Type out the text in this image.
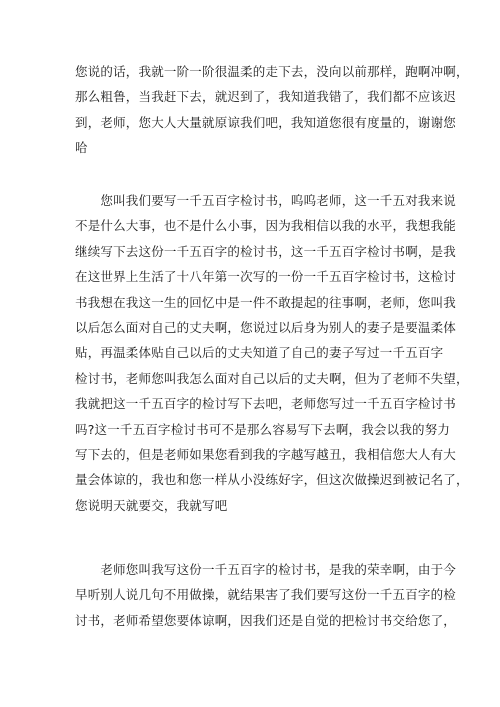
您说的话，我就一阶一阶很温柔的走下去，没向以前那样，跑啊冲啊，
那么粗鲁，当我赶下去，就迟到了，我知道我错了，我们都不应该迟
到，老师，您大人大量就原谅我们吧，我知道您很有度量的，谢谢您
哈
　　您叫我们要写一千五百字检讨书，呜呜老师，这一千五对我来说
不是什么大事，也不是什么小事，因为我相信以我的水平，我想我能
继续写下去这份一千五百字的检讨书，这一千五百字检讨书啊，是我
在这世界上生活了十八年第一次写的一份一千五百字检讨书，这检讨
书我想在我这一生的回忆中是一件不敢提起的往事啊，老师，您叫我
以后怎么面对自己的丈夫啊，您说过以后身为别人的妻子是要温柔体
贴，再温柔体贴自己以后的丈夫知道了自己的妻子写过一千五百字
检讨书，老师您叫我怎么面对自己以后的丈夫啊，但为了老师不失望，
我就把这一千五百字的检讨写下去吧，老师您写过一千五百字检讨书
吗?这一千五百字检讨书可不是那么容易写下去啊，我会以我的努力
写下去的，但是老师如果您看到我的字越写越丑，我相信您大人有大
量会体谅的，我也和您一样从小没练好字，但这次做操迟到被记名了，
您说明天就要交，我就写吧
　　老师您叫我写这份一千五百字的检讨书，是我的荣幸啊，由于今
早听别人说几句不用做操，就结果害了我们要写这份一千五百字的检
讨书，老师希望您要体谅啊，因我们还是自觉的把检讨书交给您了，
